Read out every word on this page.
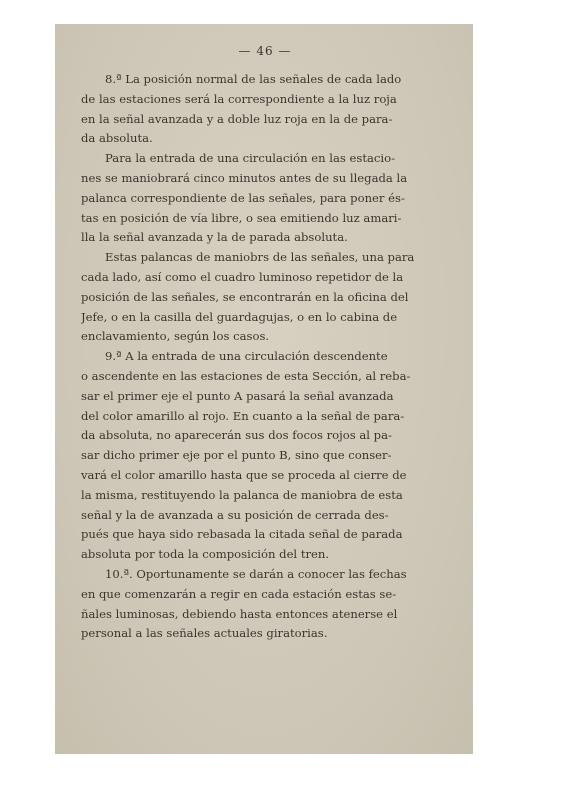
— 46 —
8.ª La posición normal de las señales de cada lado
de las estaciones será la correspondiente a la luz roja
en la señal avanzada y a doble luz roja en la de para-
da absoluta.
Para la entrada de una circulación en las estacio-
nes se maniobrará cinco minutos antes de su llegada la
palanca correspondiente de las señales, para poner és-
tas en posición de vía libre, o sea emitiendo luz amari-
lla la señal avanzada y la de parada absoluta.
Estas palancas de maniobrs de las señales, una para
cada lado, así como el cuadro luminoso repetidor de la
posición de las señales, se encontrarán en la oficina del
Jefe, o en la casilla del guardagujas, o en lo cabina de
enclavamiento, según los casos.
9.ª A la entrada de una circulación descendente
o ascendente en las estaciones de esta Sección, al reba-
sar el primer eje el punto A pasará la señal avanzada
del color amarillo al rojo. En cuanto a la señal de para-
da absoluta, no aparecerán sus dos focos rojos al pa-
sar dicho primer eje por el punto B, sino que conser-
vará el color amarillo hasta que se proceda al cierre de
la misma, restituyendo la palanca de maniobra de esta
señal y la de avanzada a su posición de cerrada des-
pués que haya sido rebasada la citada señal de parada
absoluta por toda la composición del tren.
10.ª. Oportunamente se darán a conocer las fechas
en que comenzarán a regir en cada estación estas se-
ñales luminosas, debiendo hasta entonces atenerse el
personal a las señales actuales giratorias.
